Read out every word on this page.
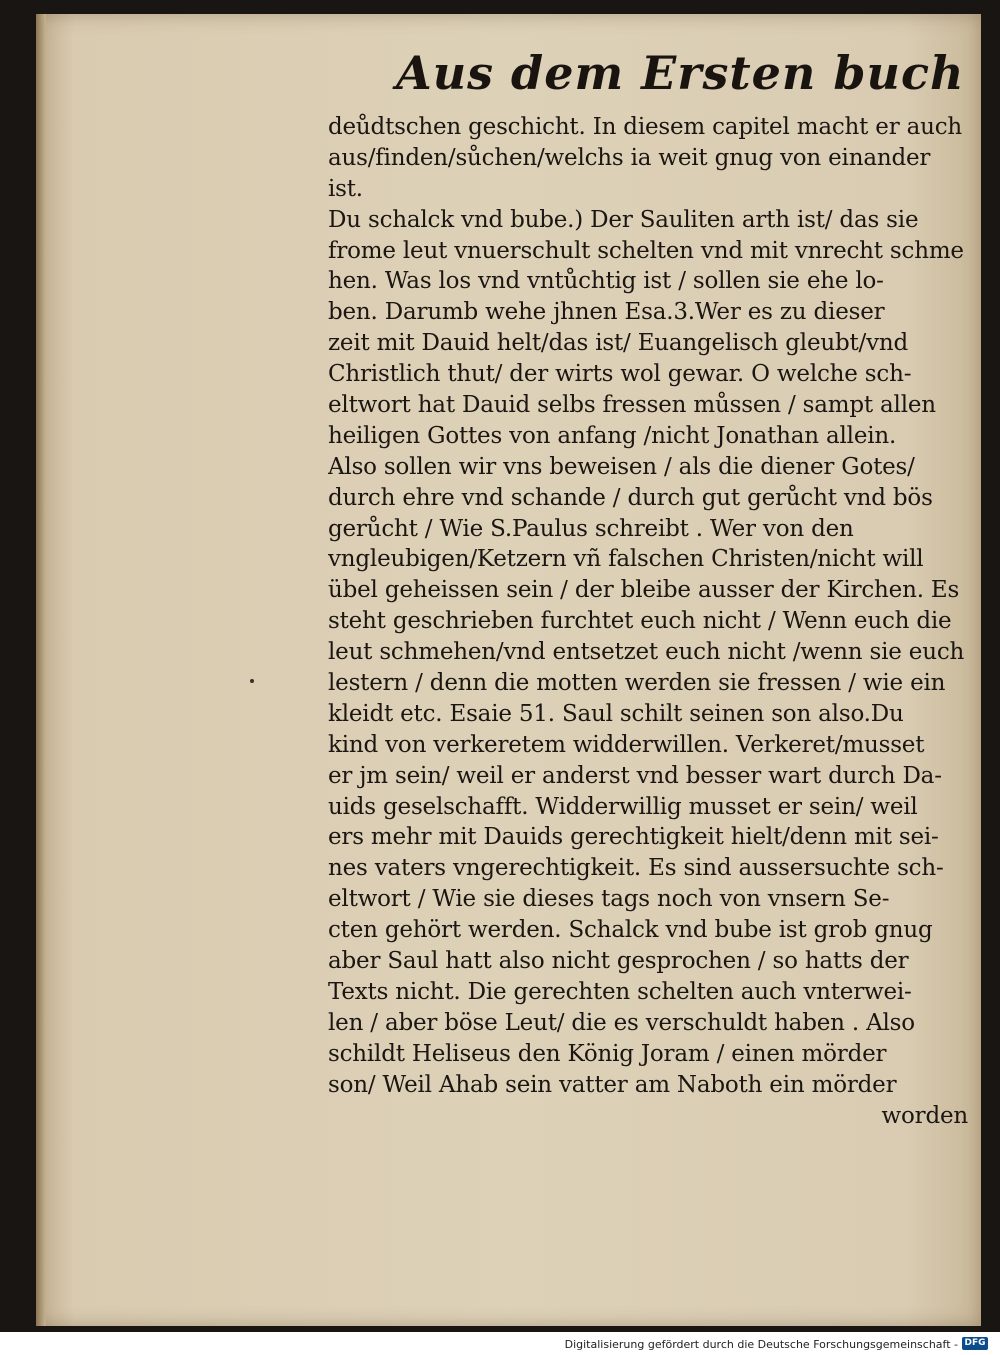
Aus dem Ersten buch
deůdtschen geschicht. In diesem capitel macht er auch
aus/finden/sůchen/welchs ia weit gnug von einander
ist.
Du schalck vnd bube.) Der Sauliten arth ist/ das sie
frome leut vnuerschult schelten vnd mit vnrecht schme
hen. Was los vnd vntůchtig ist / sollen sie ehe lo-
ben. Darumb wehe jhnen Esa.3.Wer es zu dieser
zeit mit Dauid helt/das ist/ Euangelisch gleubt/vnd
Christlich thut/ der wirts wol gewar. O welche sch-
eltwort hat Dauid selbs fressen můssen / sampt allen
heiligen Gottes von anfang /nicht Jonathan allein.
Also sollen wir vns beweisen / als die diener Gotes/
durch ehre vnd schande / durch gut gerůcht vnd bös
gerůcht / Wie S.Paulus schreibt . Wer von den
vngleubigen/Ketzern vñ falschen Christen/nicht will
übel geheissen sein / der bleibe ausser der Kirchen. Es
steht geschrieben furchtet euch nicht / Wenn euch die
leut schmehen/vnd entsetzet euch nicht /wenn sie euch
lestern / denn die motten werden sie fressen / wie ein
kleidt etc. Esaie 51. Saul schilt seinen son also.Du
kind von verkeretem widderwillen. Verkeret/musset
er jm sein/ weil er anderst vnd besser wart durch Da-
uids geselschafft. Widderwillig musset er sein/ weil
ers mehr mit Dauids gerechtigkeit hielt/denn mit sei-
nes vaters vngerechtigkeit. Es sind aussersuchte sch-
eltwort / Wie sie dieses tags noch von vnsern Se-
cten gehört werden. Schalck vnd bube ist grob gnug
aber Saul hatt also nicht gesprochen / so hatts der
Texts nicht. Die gerechten schelten auch vnterwei-
len / aber böse Leut/ die es verschuldt haben . Also
schildt Heliseus den König Joram / einen mörder
son/ Weil Ahab sein vatter am Naboth ein mörder
worden
Digitalisierung gefördert durch die Deutsche Forschungsgemeinschaft - DFG
